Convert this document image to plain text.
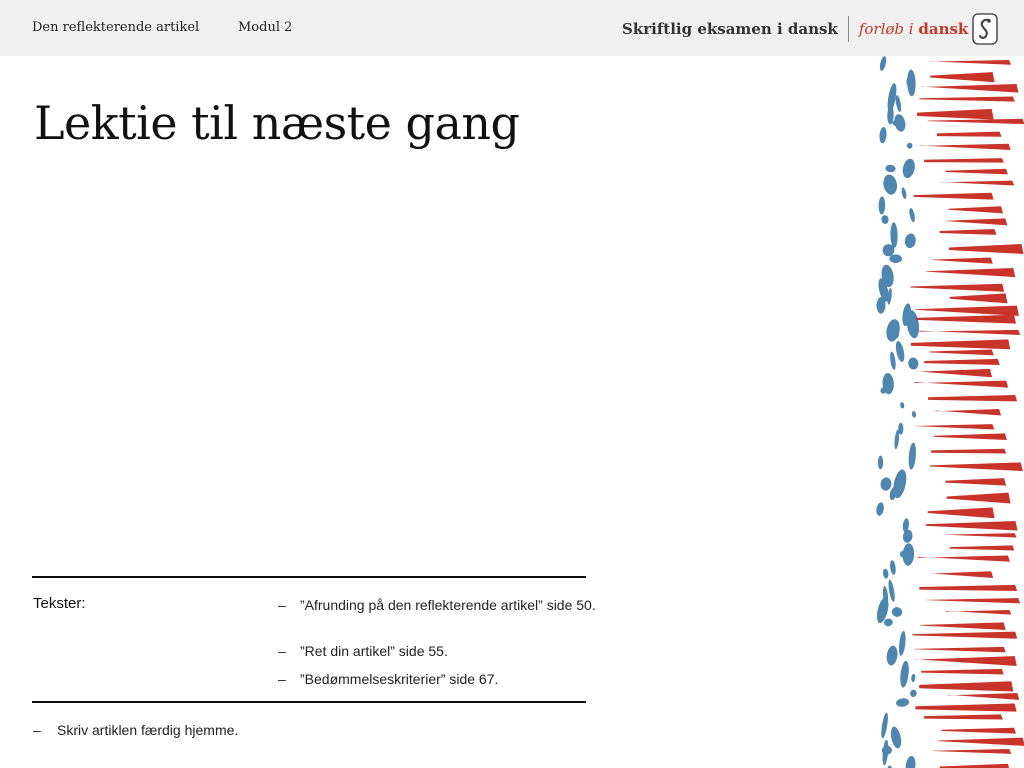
Den reflekterende artikel	Modul 2	Skriftlig eksamen i dansk forløb i dansk
Lektie til næste gang
Tekster:	–	”Afrunding på den reflekterende artikel” side 50.
–	”Ret din artikel” side 55.
–	”Bedømmelseskriterier” side 67.
–	Skriv artiklen færdig hjemme.
